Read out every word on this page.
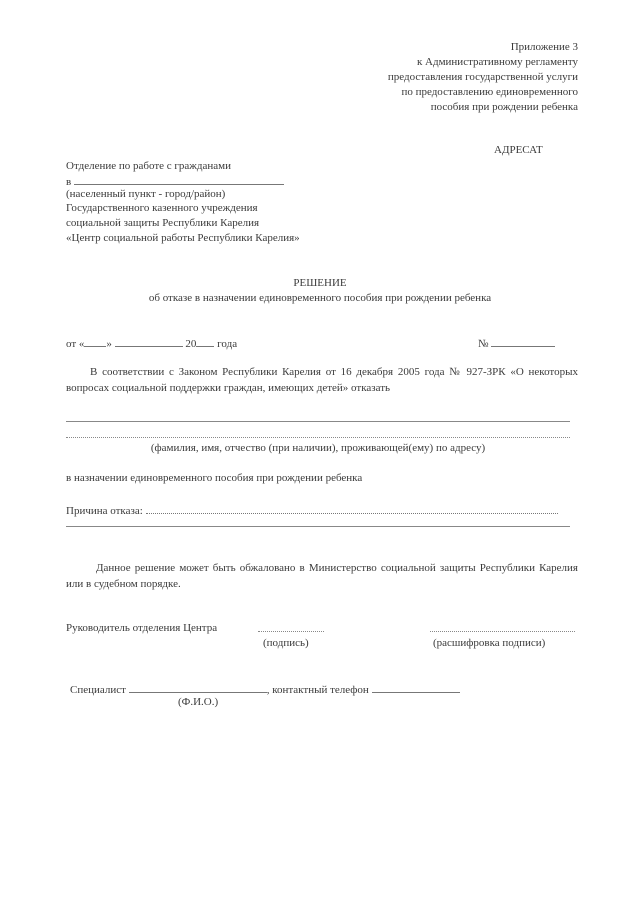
Приложение 3
к Административному регламенту
предоставления государственной услуги
по предоставлению единовременного
пособия при рождении ребенка
АДРЕСАТ
Отделение по работе с гражданами
в
(населенный пункт - город/район)
Государственного казенного учреждения
социальной защиты Республики Карелия
«Центр социальной работы Республики Карелия»
РЕШЕНИЕ
об отказе в назначении единовременного пособия при рождении ребенка
от « »	20 года	№
В соответствии с Законом Республики Карелия от 16 декабря 2005 года № 927-ЗРК «О некоторых вопросах социальной поддержки граждан, имеющих детей» отказать
(фамилия, имя, отчество (при наличии), проживающей(ему) по адресу)
в назначении единовременного пособия при рождении ребенка
Причина отказа:
Данное решение может быть обжаловано в Министерство социальной защиты Республики Карелия или в судебном порядке.
Руководитель отделения Центра
(подпись)	(расшифровка подписи)
Специалист	, контактный телефон
(Ф.И.О.)
